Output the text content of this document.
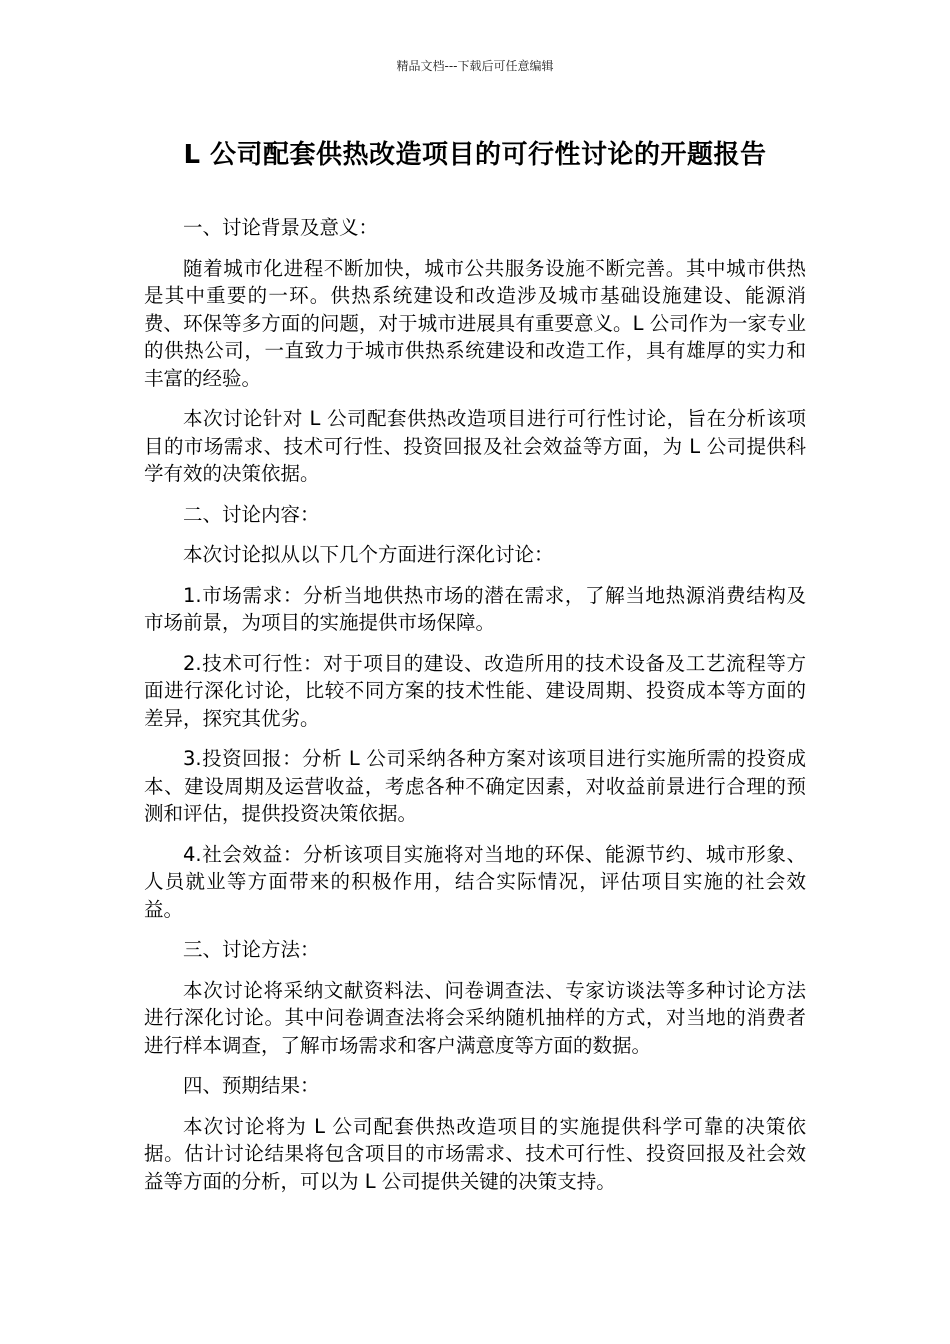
精品文档---下载后可任意编辑
L 公司配套供热改造项目的可行性讨论的开题报告

一、讨论背景及意义：

随着城市化进程不断加快，城市公共服务设施不断完善。其中城市供热是其中重要的一环。供热系统建设和改造涉及城市基础设施建设、能源消费、环保等多方面的问题，对于城市进展具有重要意义。L 公司作为一家专业的供热公司，一直致力于城市供热系统建设和改造工作，具有雄厚的实力和丰富的经验。

本次讨论针对 L 公司配套供热改造项目进行可行性讨论，旨在分析该项目的市场需求、技术可行性、投资回报及社会效益等方面，为 L 公司提供科学有效的决策依据。

二、讨论内容：

本次讨论拟从以下几个方面进行深化讨论：

1.市场需求：分析当地供热市场的潜在需求，了解当地热源消费结构及市场前景，为项目的实施提供市场保障。

2.技术可行性：对于项目的建设、改造所用的技术设备及工艺流程等方面进行深化讨论，比较不同方案的技术性能、建设周期、投资成本等方面的差异，探究其优劣。

3.投资回报：分析 L 公司采纳各种方案对该项目进行实施所需的投资成本、建设周期及运营收益，考虑各种不确定因素，对收益前景进行合理的预测和评估，提供投资决策依据。

4.社会效益：分析该项目实施将对当地的环保、能源节约、城市形象、人员就业等方面带来的积极作用，结合实际情况，评估项目实施的社会效益。

三、讨论方法：

本次讨论将采纳文献资料法、问卷调查法、专家访谈法等多种讨论方法进行深化讨论。其中问卷调查法将会采纳随机抽样的方式，对当地的消费者进行样本调查，了解市场需求和客户满意度等方面的数据。

四、预期结果：

本次讨论将为 L 公司配套供热改造项目的实施提供科学可靠的决策依据。估计讨论结果将包含项目的市场需求、技术可行性、投资回报及社会效益等方面的分析，可以为 L 公司提供关键的决策支持。
